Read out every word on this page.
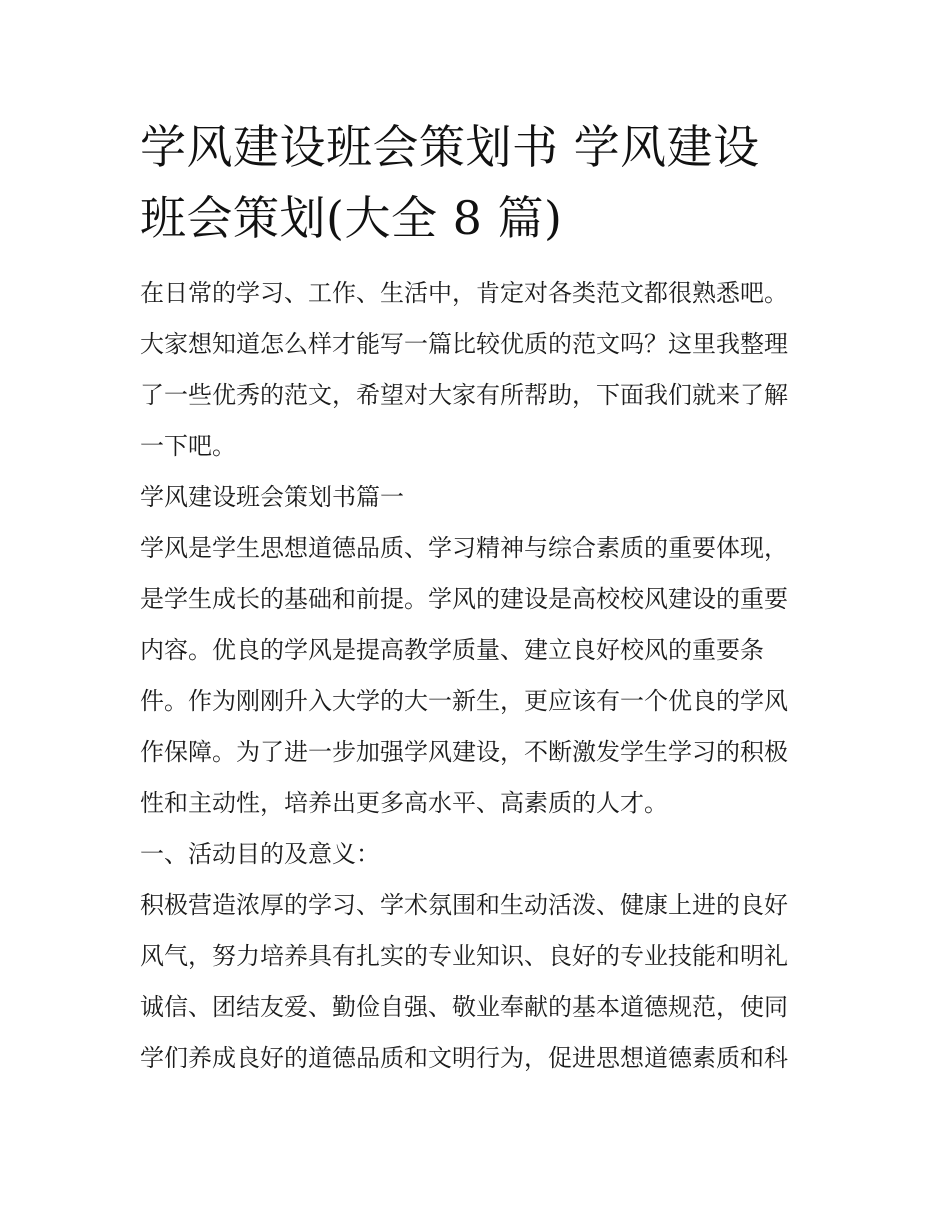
学风建设班会策划书 学风建设
班会策划(大全 8 篇)

在日常的学习、工作、生活中，肯定对各类范文都很熟悉吧。

大家想知道怎么样才能写一篇比较优质的范文吗？这里我整理

了一些优秀的范文，希望对大家有所帮助，下面我们就来了解

一下吧。

学风建设班会策划书篇一

学风是学生思想道德品质、学习精神与综合素质的重要体现，

是学生成长的基础和前提。学风的建设是高校校风建设的重要

内容。优良的学风是提高教学质量、建立良好校风的重要条

件。作为刚刚升入大学的大一新生，更应该有一个优良的学风

作保障。为了进一步加强学风建设，不断激发学生学习的积极

性和主动性，培养出更多高水平、高素质的人才。

一、活动目的及意义：

积极营造浓厚的学习、学术氛围和生动活泼、健康上进的良好

风气，努力培养具有扎实的专业知识、良好的专业技能和明礼

诚信、团结友爱、勤俭自强、敬业奉献的基本道德规范，使同

学们养成良好的道德品质和文明行为，促进思想道德素质和科
